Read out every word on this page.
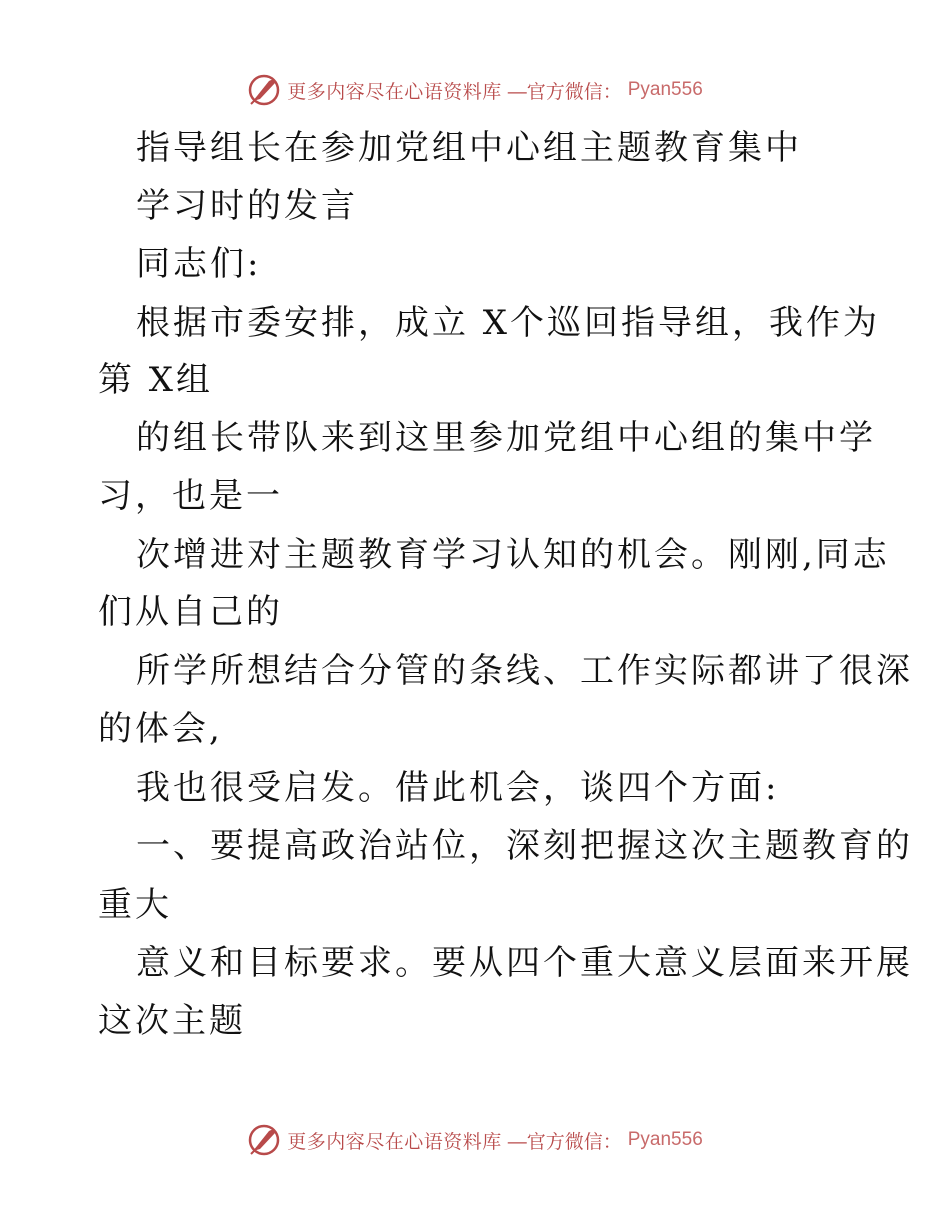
更多内容尽在心语资料库 —官方微信： Pyan556
指导组长在参加党组中心组主题教育集中
学习时的发言
同志们:
根据市委安排，成立 X个巡回指导组，我作为
第 X组
的组长带队来到这里参加党组中心组的集中学
习，也是一
次增进对主题教育学习认知的机会。刚刚,同志
们从自己的
所学所想结合分管的条线、工作实际都讲了很深
的体会,
我也很受启发。借此机会，谈四个方面:
一、要提高政治站位，深刻把握这次主题教育的
重大
意义和目标要求。要从四个重大意义层面来开展
这次主题
更多内容尽在心语资料库 —官方微信： Pyan556
